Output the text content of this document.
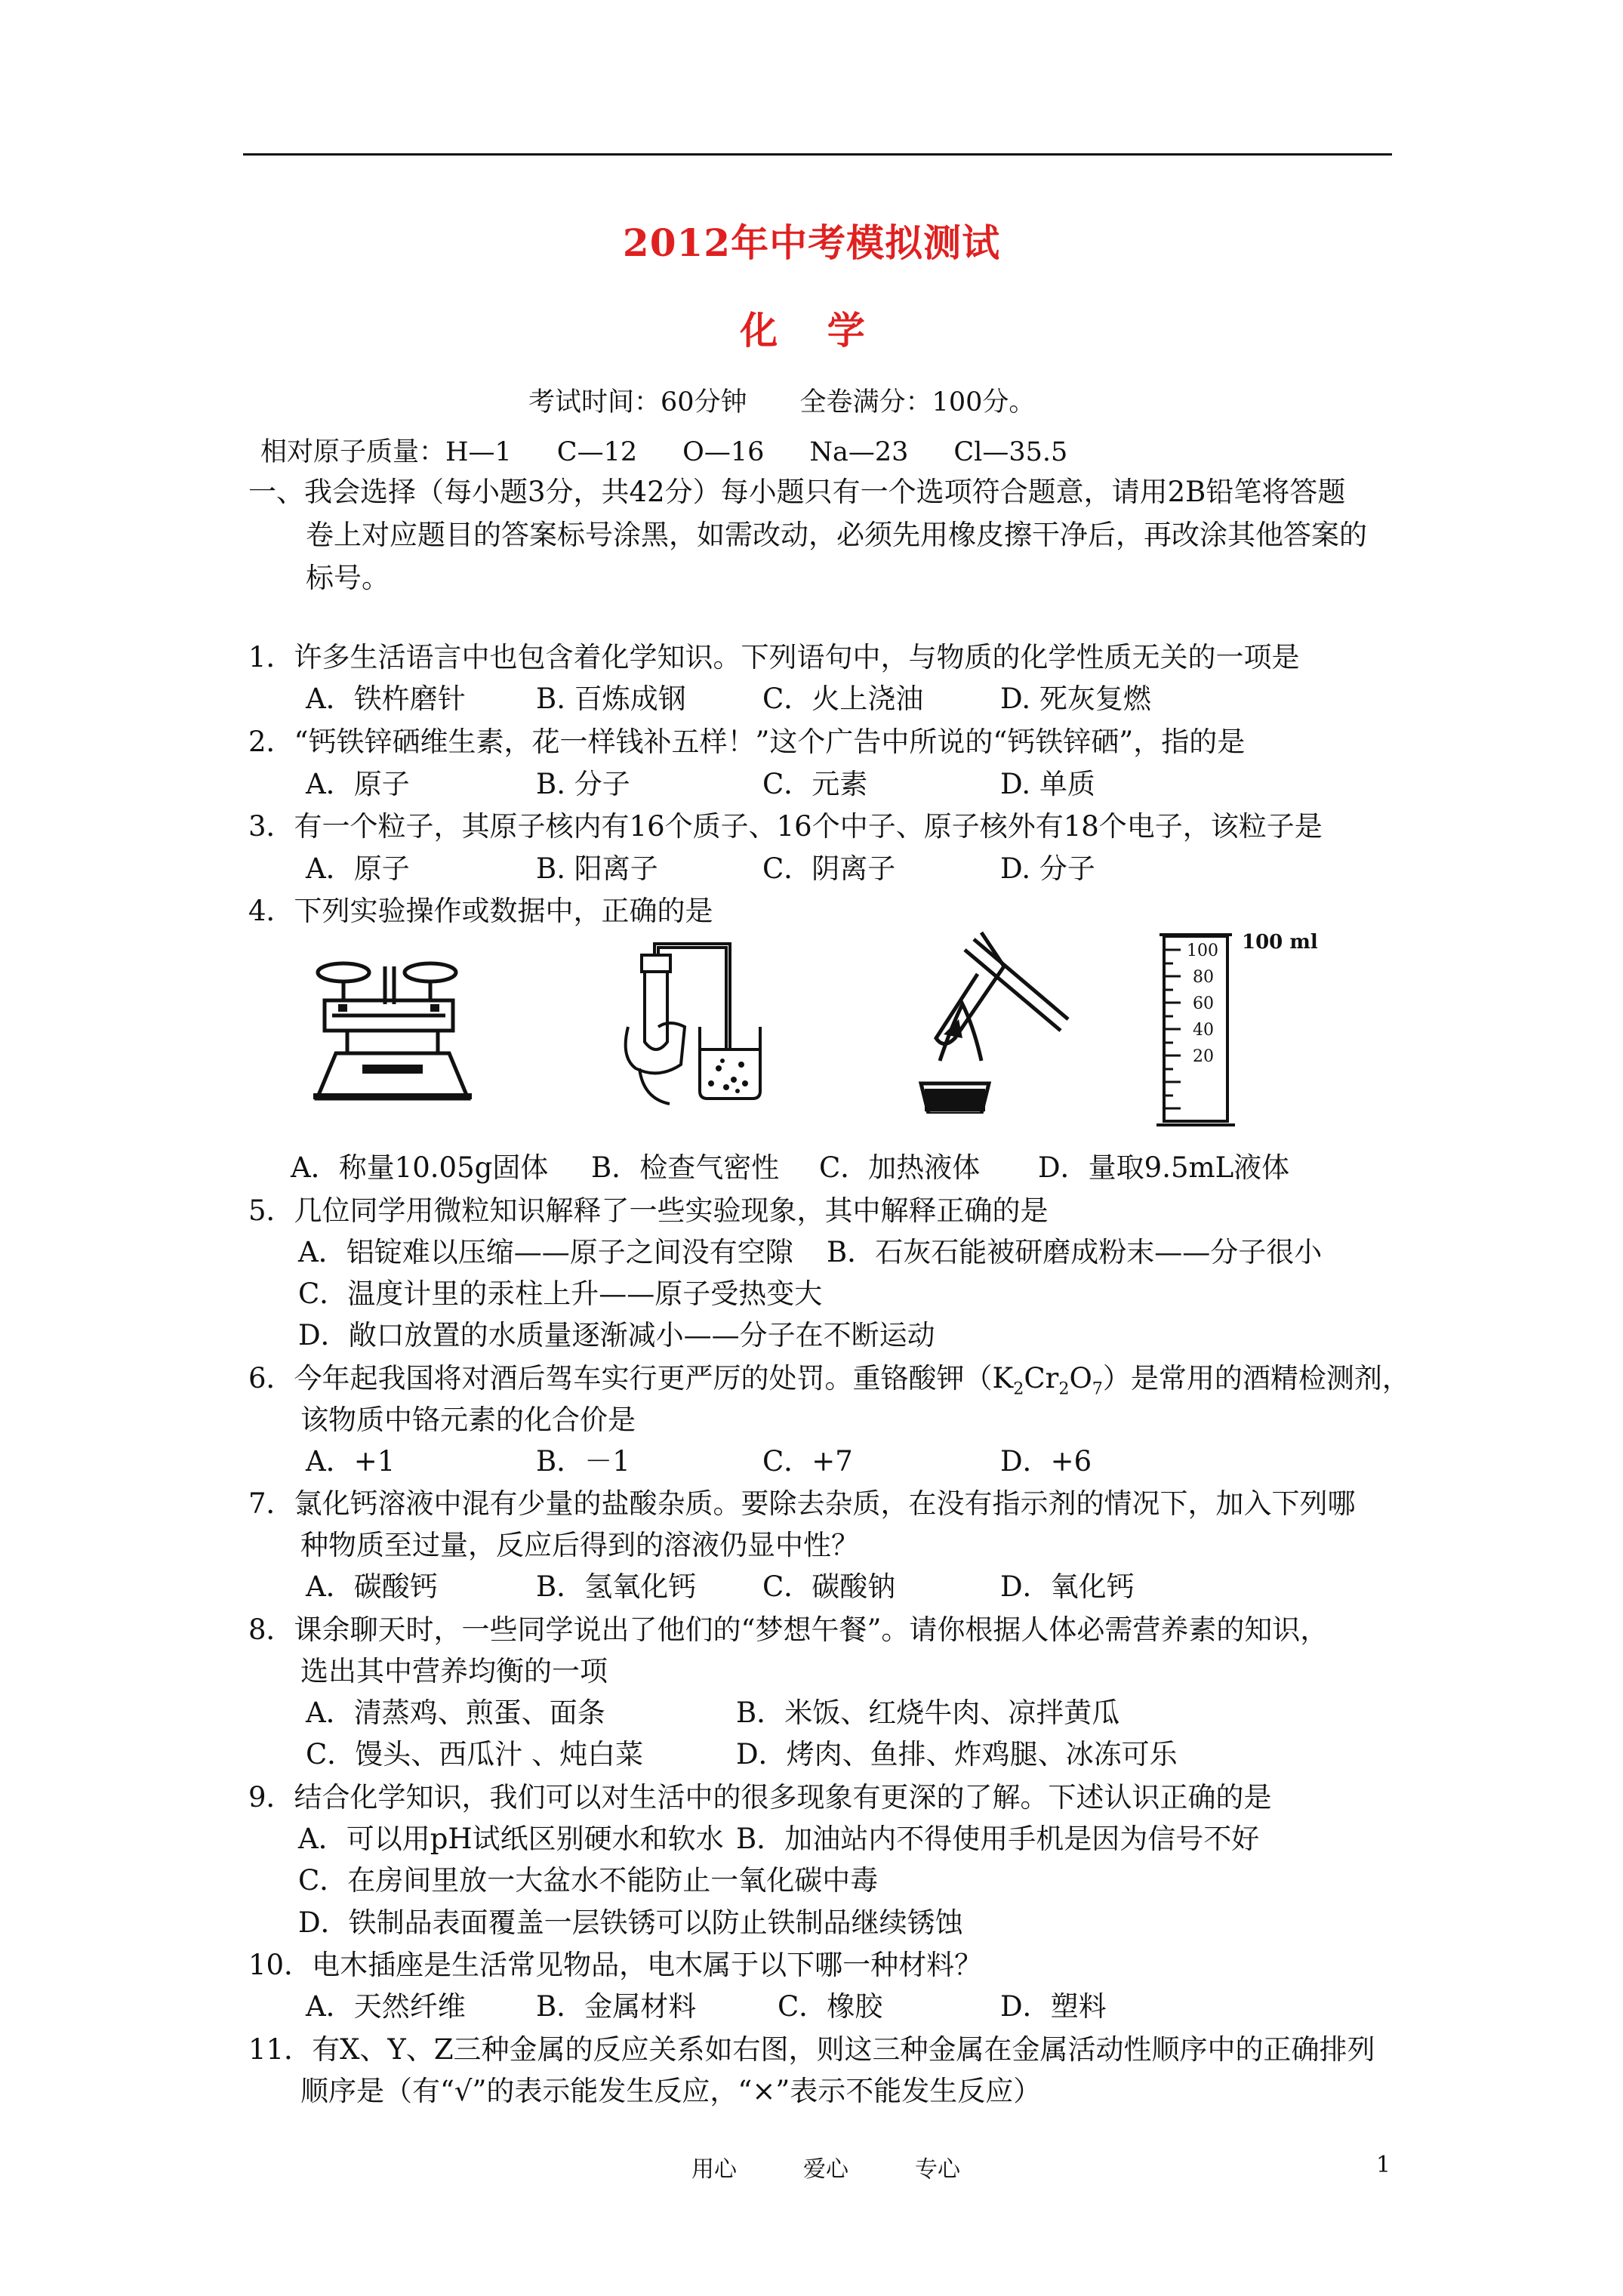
2012年中考模拟测试
化 学
考试时间：60分钟 全卷满分：100分。
相对原子质量：H—1 C—12 O—16 Na—23 Cl—35.5
一、我会选择（每小题3分，共42分）每小题只有一个选项符合题意，请用2B铅笔将答题
卷上对应题目的答案标号涂黑，如需改动，必须先用橡皮擦干净后，再改涂其他答案的
标号。
1．许多生活语言中也包含着化学知识。下列语句中，与物质的化学性质无关的一项是
A．铁杵磨针	B. 百炼成钢	C．火上浇油	D. 死灰复燃
2．“钙铁锌硒维生素，花一样钱补五样！”这个广告中所说的“钙铁锌硒”，指的是
A．原子	B. 分子	C．元素	D. 单质
3．有一个粒子，其原子核内有16个质子、16个中子、原子核外有18个电子，该粒子是
A．原子	B. 阳离子	C．阴离子	D. 分子
4．下列实验操作或数据中，正确的是
100
80
60
40
20
100 ml
A．称量10.05g固体 B．检查气密性 C．加热液体 D．量取9.5mL液体
5．几位同学用微粒知识解释了一些实验现象，其中解释正确的是
A．铝锭难以压缩——原子之间没有空隙 B．石灰石能被研磨成粉末——分子很小
C．温度计里的汞柱上升——原子受热变大
D．敞口放置的水质量逐渐减小——分子在不断运动
6．今年起我国将对酒后驾车实行更严厉的处罚。重铬酸钾$(K_2Cr_2O_7)$是常用的酒精检测剂，
该物质中铬元素的化合价是
A．+1	B．－1	C．+7	D．+6
7．氯化钙溶液中混有少量的盐酸杂质。要除去杂质，在没有指示剂的情况下，加入下列哪
种物质至过量，反应后得到的溶液仍显中性？
A．碳酸钙	B．氢氧化钙 C．碳酸钠	D．氧化钙
8．课余聊天时，一些同学说出了他们的“梦想午餐”。请你根据人体必需营养素的知识，
选出其中营养均衡的一项
A．清蒸鸡、煎蛋、面条	B．米饭、红烧牛肉、凉拌黄瓜
C．馒头、西瓜汁 、炖白菜	D．烤肉、鱼排、炸鸡腿、冰冻可乐
9．结合化学知识，我们可以对生活中的很多现象有更深的了解。下述认识正确的是
A．可以用pH试纸区别硬水和软水 B．加油站内不得使用手机是因为信号不好
C．在房间里放一大盆水不能防止一氧化碳中毒
D．铁制品表面覆盖一层铁锈可以防止铁制品继续锈蚀
10．电木插座是生活常见物品，电木属于以下哪一种材料？
A．天然纤维	B．金属材料	C．橡胶	D．塑料
11．有X、Y、Z三种金属的反应关系如右图，则这三种金属在金属活动性顺序中的正确排列
顺序是（有“√”的表示能发生反应，“×”表示不能发生反应）
用心	爱心	专心	1
